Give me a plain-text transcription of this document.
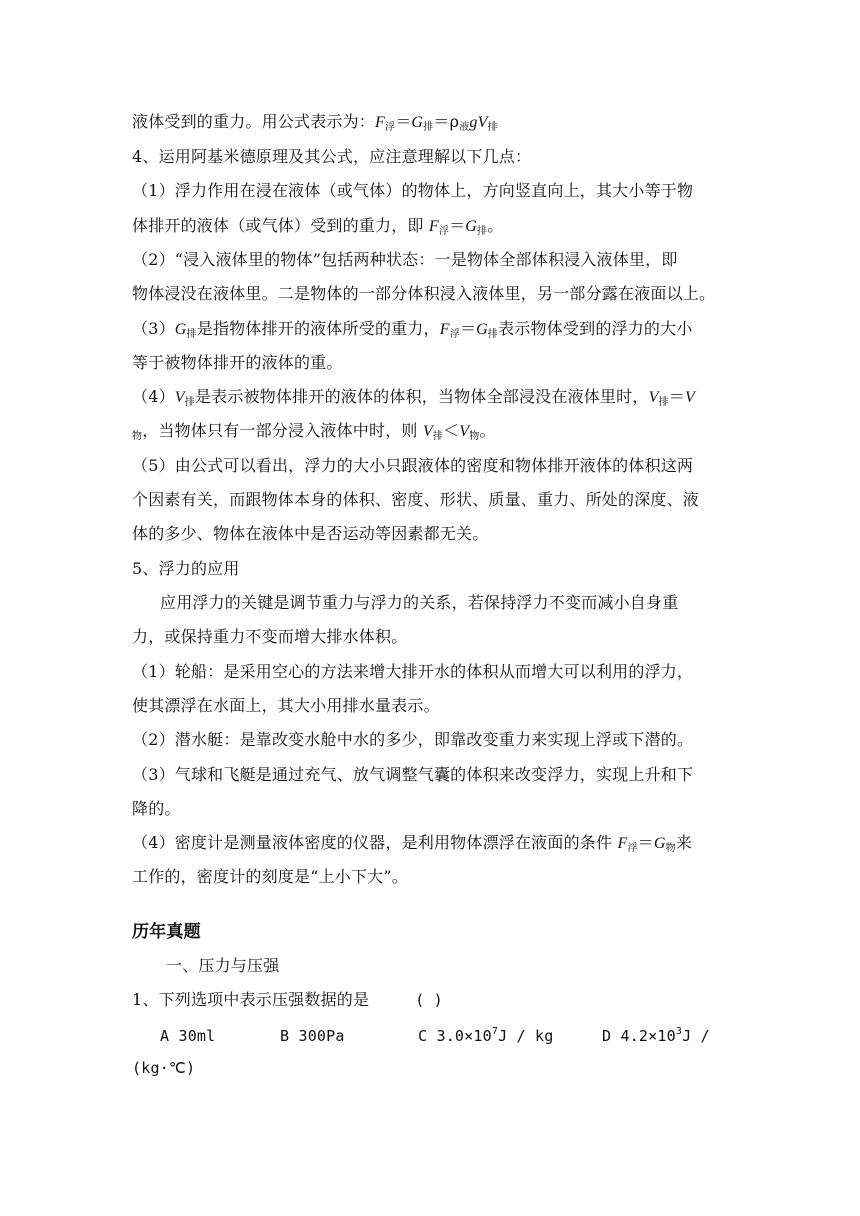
液体受到的重力。用公式表示为：$F_浮=G_排=\rho_液gV_排$
4、运用阿基米德原理及其公式，应注意理解以下几点：
（1）浮力作用在浸在液体（或气体）的物体上，方向竖直向上，其大小等于物
体排开的液体（或气体）受到的重力，即 $F_浮=G_排$。
（2）“浸入液体里的物体”包括两种状态：一是物体全部体积浸入液体里，即
物体浸没在液体里。二是物体的一部分体积浸入液体里，另一部分露在液面以上。
$(3)G_排$是指物体排开的液体所受的重力，$F_浮=G_排$表示物体受到的浮力的大小
等于被物体排开的液体的重。
$(4)V_排$是表示被物体排开的液体的体积，当物体全部浸没在液体里时，$V_排=V$
$_物$，当物体只有一部分浸入液体中时，则 $V_排<V_物$。
（5）由公式可以看出，浮力的大小只跟液体的密度和物体排开液体的体积这两
个因素有关，而跟物体本身的体积、密度、形状、质量、重力、所处的深度、液
体的多少、物体在液体中是否运动等因素都无关。
5、浮力的应用
应用浮力的关键是调节重力与浮力的关系，若保持浮力不变而减小自身重
力，或保持重力不变而增大排水体积。
（1）轮船：是采用空心的方法来增大排开水的体积从而增大可以利用的浮力，
使其漂浮在水面上，其大小用排水量表示。
（2）潜水艇：是靠改变水舱中水的多少，即靠改变重力来实现上浮或下潜的。
（3）气球和飞艇是通过充气、放气调整气囊的体积来改变浮力，实现上升和下
降的。
（4）密度计是测量液体密度的仪器，是利用物体漂浮在液面的条件 $F_浮=G_物$来
工作的，密度计的刻度是“上小下大”。
历年真题
一、压力与压强
1、下列选项中表示压强数据的是	( )
A 30ml	B 300Pa	C $3.0\times 10^7J$ / kg	D $4.2\times 10^3J$ /
(kg·℃)
